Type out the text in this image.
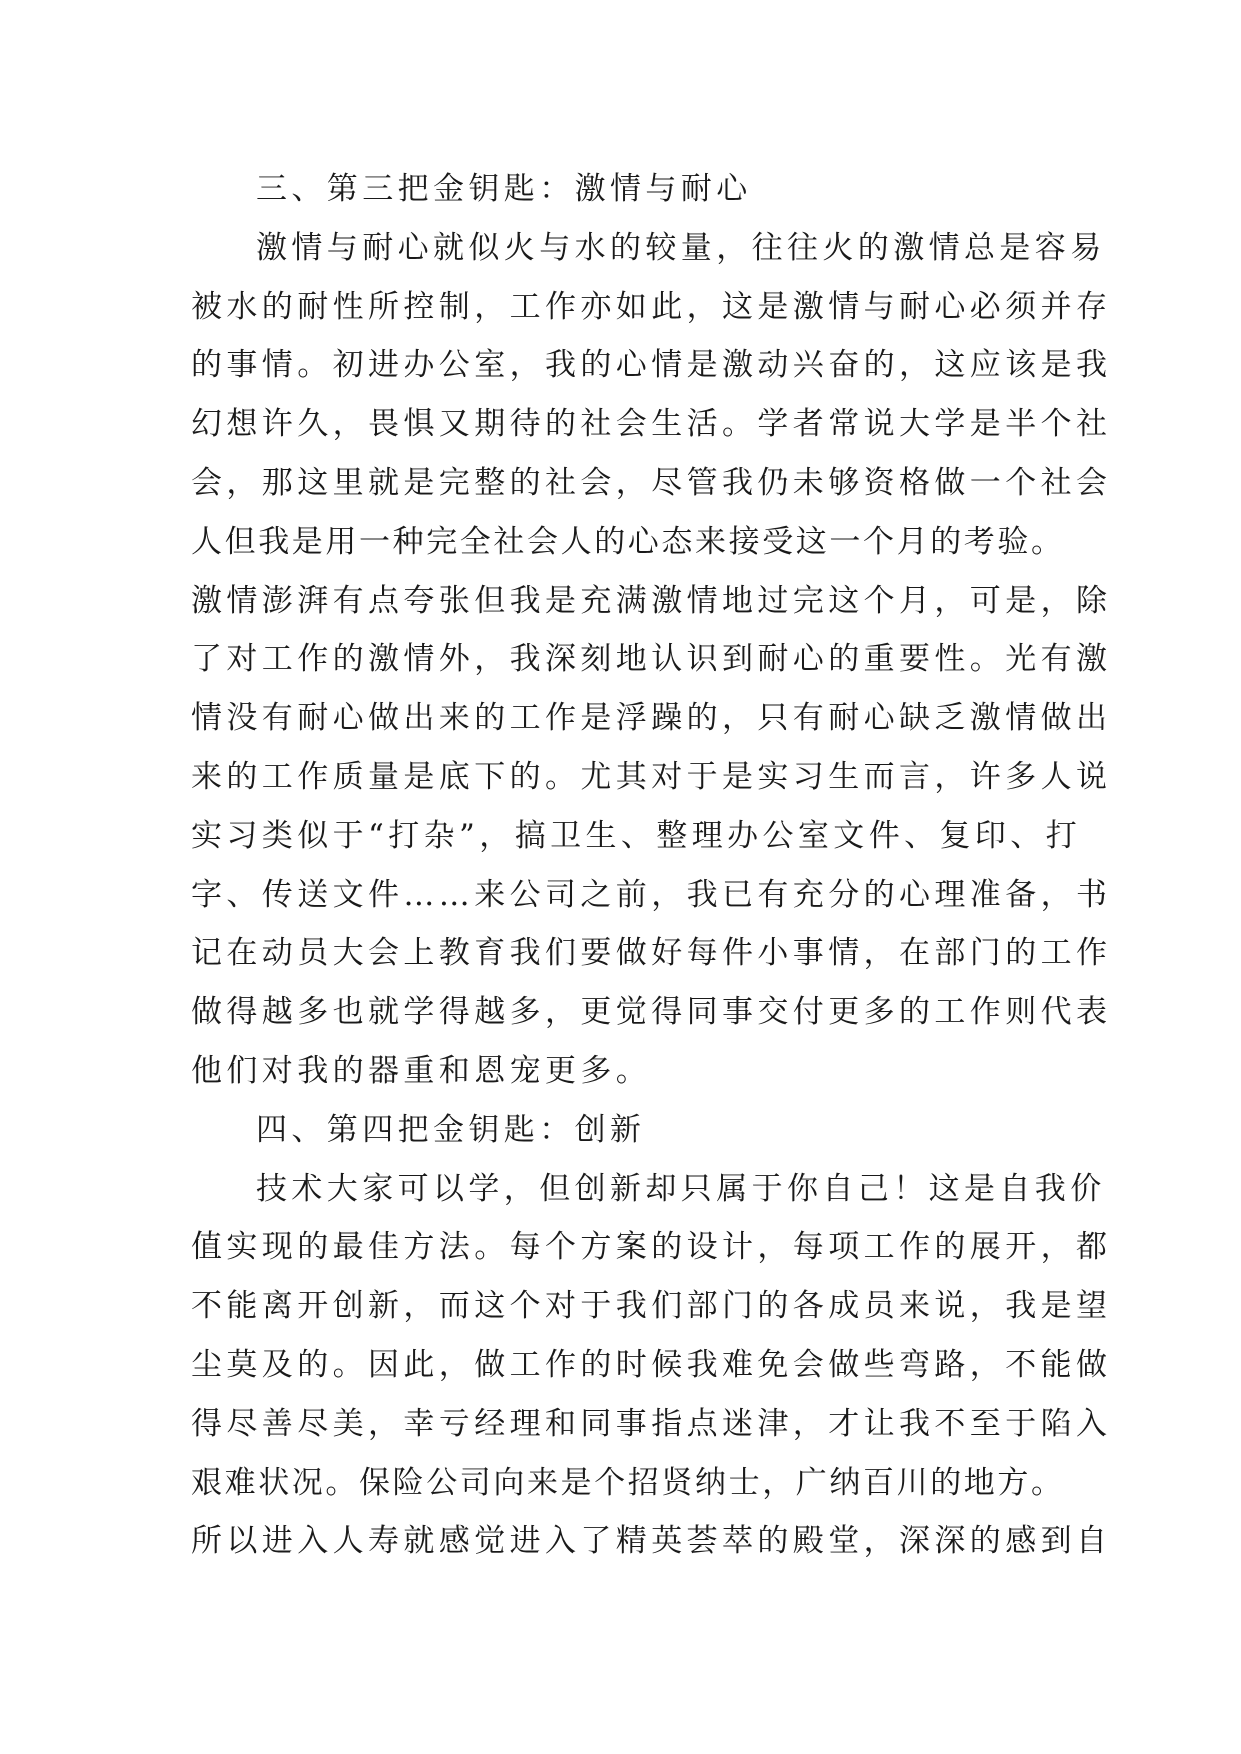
三、第三把金钥匙：激情与耐心
激情与耐心就似火与水的较量，往往火的激情总是容易
被水的耐性所控制，工作亦如此，这是激情与耐心必须并存
的事情。初进办公室，我的心情是激动兴奋的，这应该是我
幻想许久，畏惧又期待的社会生活。学者常说大学是半个社
会，那这里就是完整的社会，尽管我仍未够资格做一个社会
人但我是用一种完全社会人的心态来接受这一个月的考验。
激情澎湃有点夸张但我是充满激情地过完这个月，可是，除
了对工作的激情外，我深刻地认识到耐心的重要性。光有激
情没有耐心做出来的工作是浮躁的，只有耐心缺乏激情做出
来的工作质量是底下的。尤其对于是实习生而言，许多人说
实习类似于“打杂”，搞卫生、整理办公室文件、复印、打
字、传送文件……来公司之前，我已有充分的心理准备，书
记在动员大会上教育我们要做好每件小事情，在部门的工作
做得越多也就学得越多，更觉得同事交付更多的工作则代表
他们对我的器重和恩宠更多。
四、第四把金钥匙：创新
技术大家可以学，但创新却只属于你自己！这是自我价
值实现的最佳方法。每个方案的设计，每项工作的展开，都
不能离开创新，而这个对于我们部门的各成员来说，我是望
尘莫及的。因此，做工作的时候我难免会做些弯路，不能做
得尽善尽美，幸亏经理和同事指点迷津，才让我不至于陷入
艰难状况。保险公司向来是个招贤纳士，广纳百川的地方。
所以进入人寿就感觉进入了精英荟萃的殿堂，深深的感到自
